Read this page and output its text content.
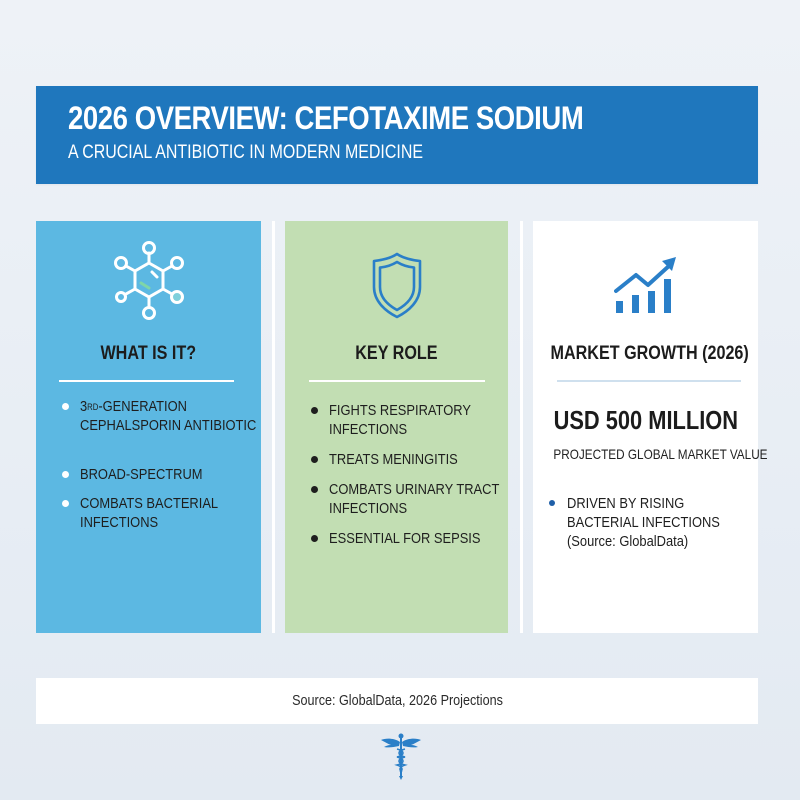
2026 OVERVIEW: CEFOTAXIME SODIUM
A CRUCIAL ANTIBIOTIC IN MODERN MEDICINE
WHAT IS IT?
3RD-GENERATION
CEPHALSPORIN ANTIBIOTIC
BROAD-SPECTRUM
COMBATS BACTERIAL
INFECTIONS
KEY ROLE
FIGHTS RESPIRATORY
INFECTIONS
TREATS MENINGITIS
COMBATS URINARY TRACT
INFECTIONS
ESSENTIAL FOR SEPSIS
MARKET GROWTH (2026)
USD 500 MILLION
PROJECTED GLOBAL MARKET VALUE
DRIVEN BY RISING
BACTERIAL INFECTIONS
(Source: GlobalData)
Source: GlobalData, 2026 Projections
